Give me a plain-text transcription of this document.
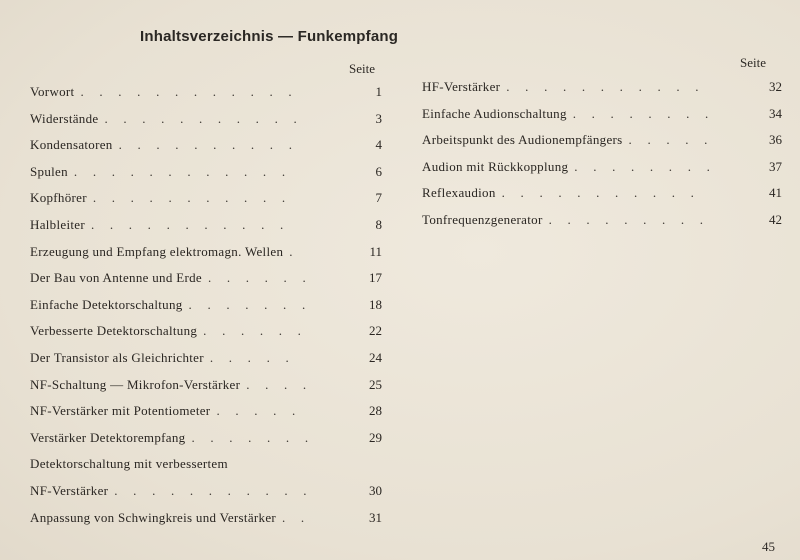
Inhaltsverzeichnis — Funkempfang
Seite	Seite
Vorwort . . . . . . . . . . . .	1
Widerstände . . . . . . . . . . .	3
Kondensatoren . . . . . . . . . .	4
Spulen . . . . . . . . . . . .	6
Kopfhörer . . . . . . . . . . .	7
Halbleiter . . . . . . . . . . .	8
Erzeugung und Empfang elektromagn. Wellen .	11
Der Bau von Antenne und Erde . . . . . .	17
Einfache Detektorschaltung . . . . . . .	18
Verbesserte Detektorschaltung . . . . . .	22
Der Transistor als Gleichrichter . . . . .	24
NF-Schaltung — Mikrofon-Verstärker . . . .	25
NF-Verstärker mit Potentiometer . . . . .	28
Verstärker Detektorempfang . . . . . . .	29
Detektorschaltung mit verbessertem
NF-Verstärker . . . . . . . . . . .	30
Anpassung von Schwingkreis und Verstärker . .	31
HF-Verstärker . . . . . . . . . . .	32
Einfache Audionschaltung . . . . . . . .	34
Arbeitspunkt des Audionempfängers . . . . .	36
Audion mit Rückkopplung . . . . . . . .	37
Reflexaudion . . . . . . . . . . .	41
Tonfrequenzgenerator . . . . . . . . .	42
45
